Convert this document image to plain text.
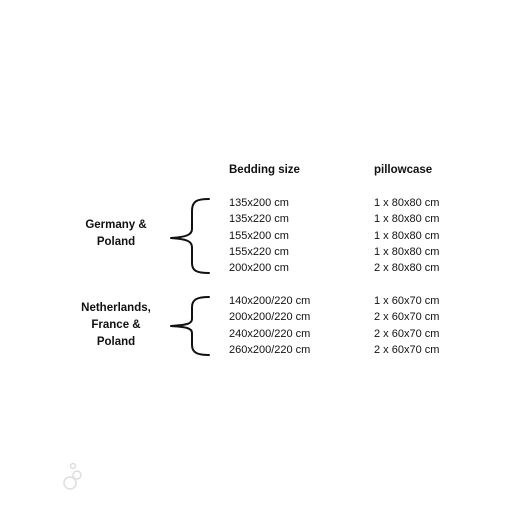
Bedding size	pillowcase
Germany &
Poland
135x200 cm	1 x 80x80 cm
135x220 cm	1 x 80x80 cm
155x200 cm	1 x 80x80 cm
155x220 cm	1 x 80x80 cm
200x200 cm	2 x 80x80 cm
Netherlands,
France &
Poland
140x200/220 cm	1 x 60x70 cm
200x200/220 cm	2 x 60x70 cm
240x200/220 cm	2 x 60x70 cm
260x200/220 cm	2 x 60x70 cm
